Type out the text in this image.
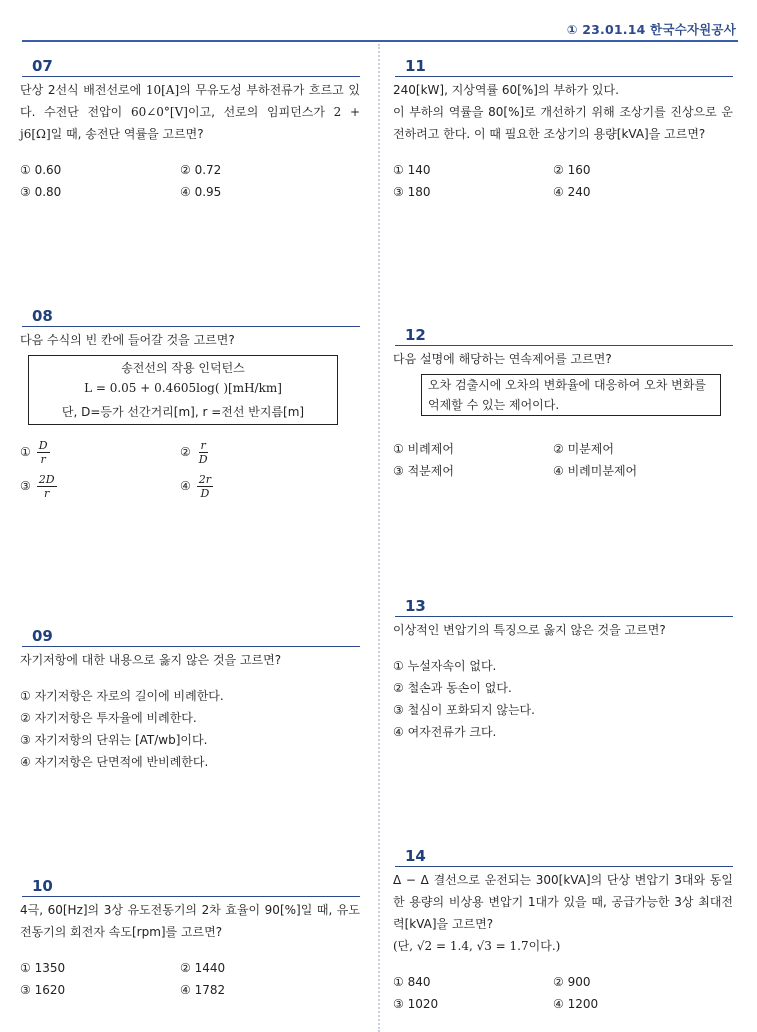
① 23.01.14 한국수자원공사
07
단상 2선식 배전선로에 10[A]의 무유도성 부하전류가 흐르고 있다. 수전단 전압이 60∠0°[V]이고, 선로의 임피던스가 2 + j6[Ω]일 때, 송전단 역률을 고르면?
① 0.60	② 0.72
③ 0.80	④ 0.95
08
다음 수식의 빈 칸에 들어갈 것을 고르면?
송전선의 작용 인덕턴스
L = 0.05 + 0.4605log( )[mH/km]
단, D=등가 선간거리[m], r =전선 반지름[m]
① $\frac{D}{r}$	② $\frac{r}{D}$
③ $\frac{2D}{r}$	④ $\frac{2r}{D}$
09
자기저항에 대한 내용으로 옳지 않은 것을 고르면?
① 자기저항은 자로의 길이에 비례한다.
② 자기저항은 투자율에 비례한다.
③ 자기저항의 단위는 [AT/wb]이다.
④ 자기저항은 단면적에 반비례한다.
10
4극, 60[Hz]의 3상 유도전동기의 2차 효율이 90[%]일 때, 유도전동기의 회전자 속도[rpm]를 고르면?
① 1350	② 1440
③ 1620	④ 1782
11
240[kW], 지상역률 60[%]의 부하가 있다.
이 부하의 역률을 80[%]로 개선하기 위해 조상기를 진상으로 운전하려고 한다. 이 때 필요한 조상기의 용량[kVA]을 고르면?
① 140	② 160
③ 180	④ 240
12
다음 설명에 해당하는 연속제어를 고르면?
오차 검출시에 오차의 변화율에 대응하여 오차 변화를 억제할 수 있는 제어이다.
① 비례제어	② 미분제어
③ 적분제어	④ 비례미분제어
13
이상적인 변압기의 특징으로 옳지 않은 것을 고르면?
① 누설자속이 없다.
② 철손과 동손이 없다.
③ 철심이 포화되지 않는다.
④ 여자전류가 크다.
14
Δ − Δ 결선으로 운전되는 300[kVA]의 단상 변압기 3대와 동일한 용량의 비상용 변압기 1대가 있을 때, 공급가능한 3상 최대전력[kVA]을 고르면?
(단, √2 = 1.4, √3 = 1.7이다.)
① 840	② 900
③ 1020	④ 1200
